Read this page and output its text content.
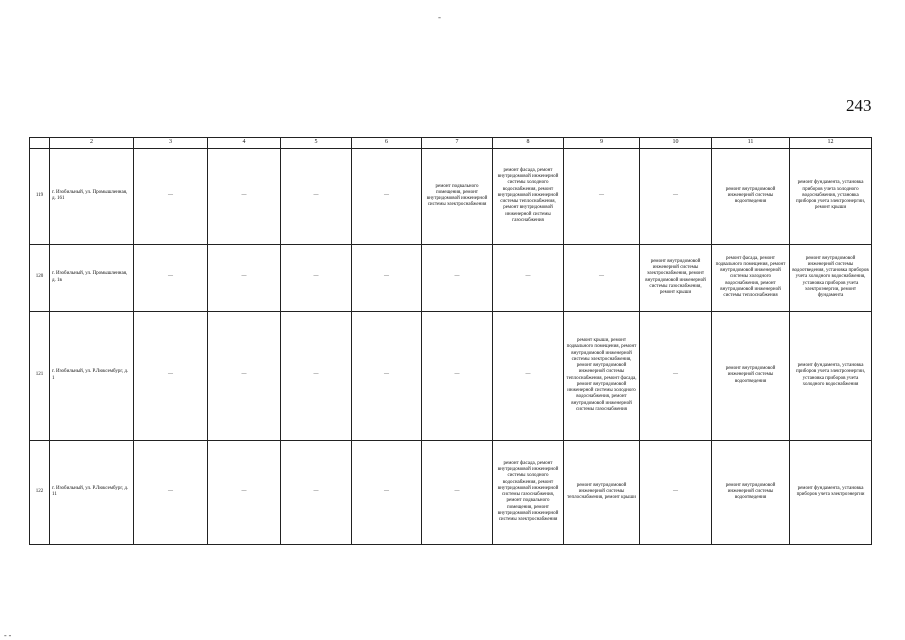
-
243
	2	3	4	5	6	7	8	9	10	11	12
119	г. Изобильный, ул. Промышленная, д. 161	—	—	—	—	ремонт подвального помещения, ремонт внутридомовой инженерной системы электроснабжения	ремонт фасада, ремонт внутридомовой инженерной системы холодного водоснабжения, ремонт внутридомовой инженерной системы теплоснабжения, ремонт внутридомовой инженерной системы газоснабжения	—	—	ремонт внутридомовой инженерной системы водоотведения	ремонт фундамента, установка приборов учета холодного водоснабжения, установка приборов учета электроэнергии, ремонт крыши
120	г. Изобильный, ул. Промышленная, д. 1в	—	—	—	—	—	—	—	ремонт внутридомовой инженерной системы электроснабжения, ремонт внутридомовой инженерной системы газоснабжения, ремонт крыши	ремонт фасада, ремонт подвального помещения, ремонт внутридомовой инженерной системы холодного водоснабжения, ремонт внутридомовой инженерной системы теплоснабжения	ремонт внутридомовой инженерной системы водоотведения, установка приборов учета холодного водоснабжения, установка приборов учета электроэнергии, ремонт фундамента
121	г. Изобильный, ул. Р.Люксембург, д. 1	—	—	—	—	—	—	ремонт крыши, ремонт подвального помещения, ремонт внутридомовой инженерной системы электроснабжения, ремонт внутридомовой инженерной системы теплоснабжения, ремонт фасада, ремонт внутридомовой инженерной системы холодного водоснабжения, ремонт внутридомовой инженерной системы газоснабжения	—	ремонт внутридомовой инженерной системы водоотведения	ремонт фундамента, установка приборов учета электроэнергии, установка приборов учета холодного водоснабжения
122	г. Изобильный, ул. Р.Люксембург, д. 11	—	—	—	—	—	ремонт фасада, ремонт внутридомовой инженерной системы холодного водоснабжения, ремонт внутридомовой инженерной системы газоснабжения, ремонт подвального помещения, ремонт внутридомовой инженерной системы электроснабжения	ремонт внутридомовой инженерной системы теплоснабжения, ремонт крыши	—	ремонт внутридомовой инженерной системы водоотведения	ремонт фундамента, установка приборов учета электроэнергии
- -
